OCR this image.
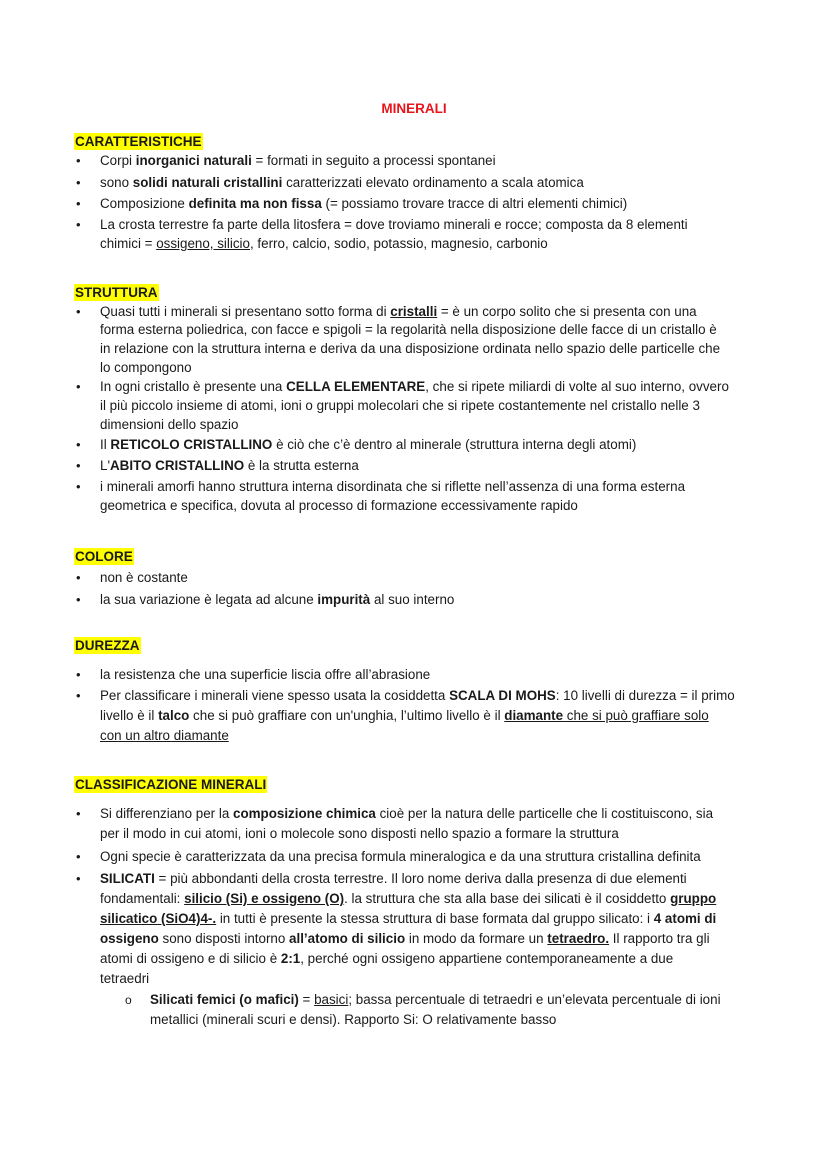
MINERALI
CARATTERISTICHE
• Corpi inorganici naturali = formati in seguito a processi spontanei
• sono solidi naturali cristallini caratterizzati elevato ordinamento a scala atomica
• Composizione definita ma non fissa (= possiamo trovare tracce di altri elementi chimici)
• La crosta terrestre fa parte della litosfera = dove troviamo minerali e rocce; composta da 8 elementi
chimici = ossigeno, silicio, ferro, calcio, sodio, potassio, magnesio, carbonio
STRUTTURA
• Quasi tutti i minerali si presentano sotto forma di cristalli = è un corpo solito che si presenta con una
forma esterna poliedrica, con facce e spigoli = la regolarità nella disposizione delle facce di un cristallo è
in relazione con la struttura interna e deriva da una disposizione ordinata nello spazio delle particelle che
lo compongono
• In ogni cristallo è presente una CELLA ELEMENTARE, che si ripete miliardi di volte al suo interno, ovvero
il più piccolo insieme di atomi, ioni o gruppi molecolari che si ripete costantemente nel cristallo nelle 3
dimensioni dello spazio
• Il RETICOLO CRISTALLINO è ciò che c’è dentro al minerale (struttura interna degli atomi)
• L'ABITO CRISTALLINO è la strutta esterna
• i minerali amorfi hanno struttura interna disordinata che si riflette nell’assenza di una forma esterna
geometrica e specifica, dovuta al processo di formazione eccessivamente rapido
COLORE
• non è costante
• la sua variazione è legata ad alcune impurità al suo interno
DUREZZA
• la resistenza che una superficie liscia offre all’abrasione
• Per classificare i minerali viene spesso usata la cosiddetta SCALA DI MOHS: 10 livelli di durezza = il primo
livello è il talco che si può graffiare con un'unghia, l’ultimo livello è il diamante che si può graffiare solo
con un altro diamante
CLASSIFICAZIONE MINERALI
• Si differenziano per la composizione chimica cioè per la natura delle particelle che li costituiscono, sia
per il modo in cui atomi, ioni o molecole sono disposti nello spazio a formare la struttura
• Ogni specie è caratterizzata da una precisa formula mineralogica e da una struttura cristallina definita
• SILICATI = più abbondanti della crosta terrestre. Il loro nome deriva dalla presenza di due elementi
fondamentali: silicio (Si) e ossigeno (O). la struttura che sta alla base dei silicati è il cosiddetto gruppo
silicatico (SiO4)4-. in tutti è presente la stessa struttura di base formata dal gruppo silicato: i 4 atomi di
ossigeno sono disposti intorno all’atomo di silicio in modo da formare un tetraedro. Il rapporto tra gli
atomi di ossigeno e di silicio è 2:1, perché ogni ossigeno appartiene contemporaneamente a due
tetraedri
o Silicati femici (o mafici) = basici; bassa percentuale di tetraedri e un’elevata percentuale di ioni
metallici (minerali scuri e densi). Rapporto Si: O relativamente basso
